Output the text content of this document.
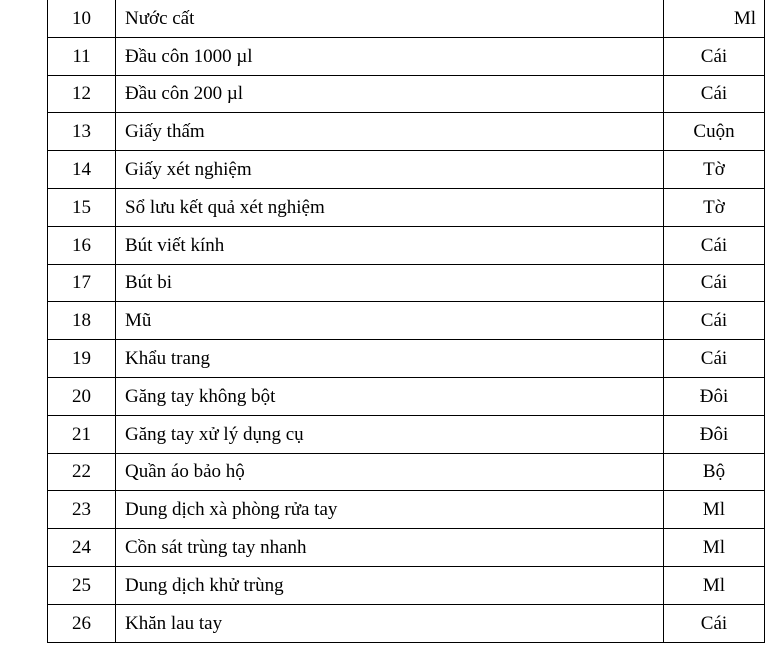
10	Nước cất	Ml
11	Đầu côn 1000 µl	Cái
12	Đầu côn 200 µl	Cái
13	Giấy thấm	Cuộn
14	Giấy xét nghiệm	Tờ
15	Sổ lưu kết quả xét nghiệm	Tờ
16	Bút viết kính	Cái
17	Bút bi	Cái
18	Mũ	Cái
19	Khẩu trang	Cái
20	Găng tay không bột	Đôi
21	Găng tay xử lý dụng cụ	Đôi
22	Quần áo bảo hộ	Bộ
23	Dung dịch xà phòng rửa tay	Ml
24	Cồn sát trùng tay nhanh	Ml
25	Dung dịch khử trùng	Ml
26	Khăn lau tay	Cái
